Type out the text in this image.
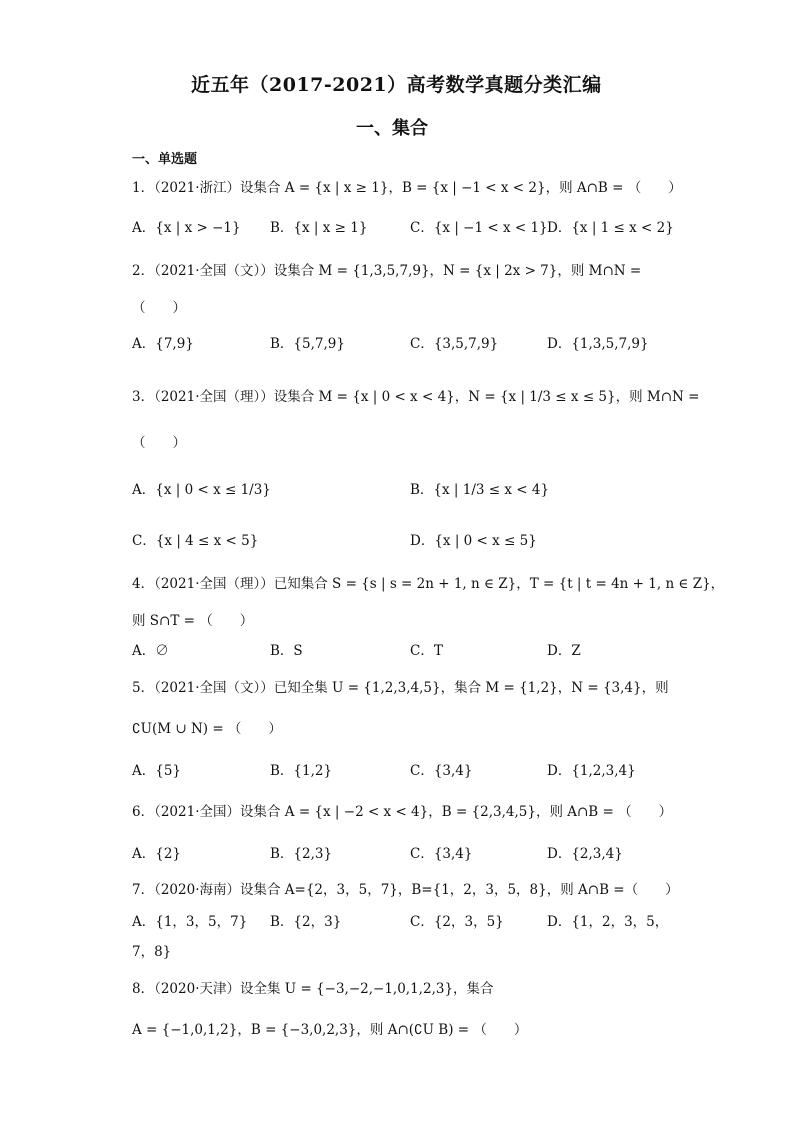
近五年（2017-2021）高考数学真题分类汇编
一、集合
一、单选题
1．（2021·浙江）设集合 A = {x | x ≥ 1}，B = {x | −1 < x < 2}，则 A∩B = （　　）
A．{x | x > −1} B．{x | x ≥ 1}	C．{x | −1 < x < 1} D．{x | 1 ≤ x < 2}
2．（2021·全国（文））设集合 M = {1,3,5,7,9}，N = {x | 2x > 7}，则 M∩N =
（　　）
A．{7,9}	B．{5,7,9}	C．{3,5,7,9}	D．{1,3,5,7,9}
3．（2021·全国（理））设集合 M = {x | 0 < x < 4}，N = {x | 1/3 ≤ x ≤ 5}，则 M∩N =
（　　）
A．{x | 0 < x ≤ 1/3}	B．{x | 1/3 ≤ x < 4}
C．{x | 4 ≤ x < 5}	D．{x | 0 < x ≤ 5}
4．（2021·全国（理））已知集合 S = {s | s = 2n + 1, n ∈ Z}，T = {t | t = 4n + 1, n ∈ Z}，
则 S∩T = （　　）
A．∅	B．S	C．T	D．Z
5．（2021·全国（文））已知全集 U = {1,2,3,4,5}，集合 M = {1,2}，N = {3,4}，则
∁U(M ∪ N) = （　　）
A．{5}	B．{1,2}	C．{3,4}	D．{1,2,3,4}
6．（2021·全国）设集合 A = {x | −2 < x < 4}，B = {2,3,4,5}，则 A∩B = （　　）
A．{2}	B．{2,3}	C．{3,4}	D．{2,3,4}
7．（2020·海南）设集合 A={2，3，5，7}，B={1，2，3，5，8}，则 A∩B =（　　）
A．{1，3，5，7} B．{2，3}	C．{2，3，5}	D．{1，2，3，5，
7，8}
8．（2020·天津）设全集 U = {−3,−2,−1,0,1,2,3}，集合
A = {−1,0,1,2}，B = {−3,0,2,3}，则 A∩(∁U B) = （　　）
